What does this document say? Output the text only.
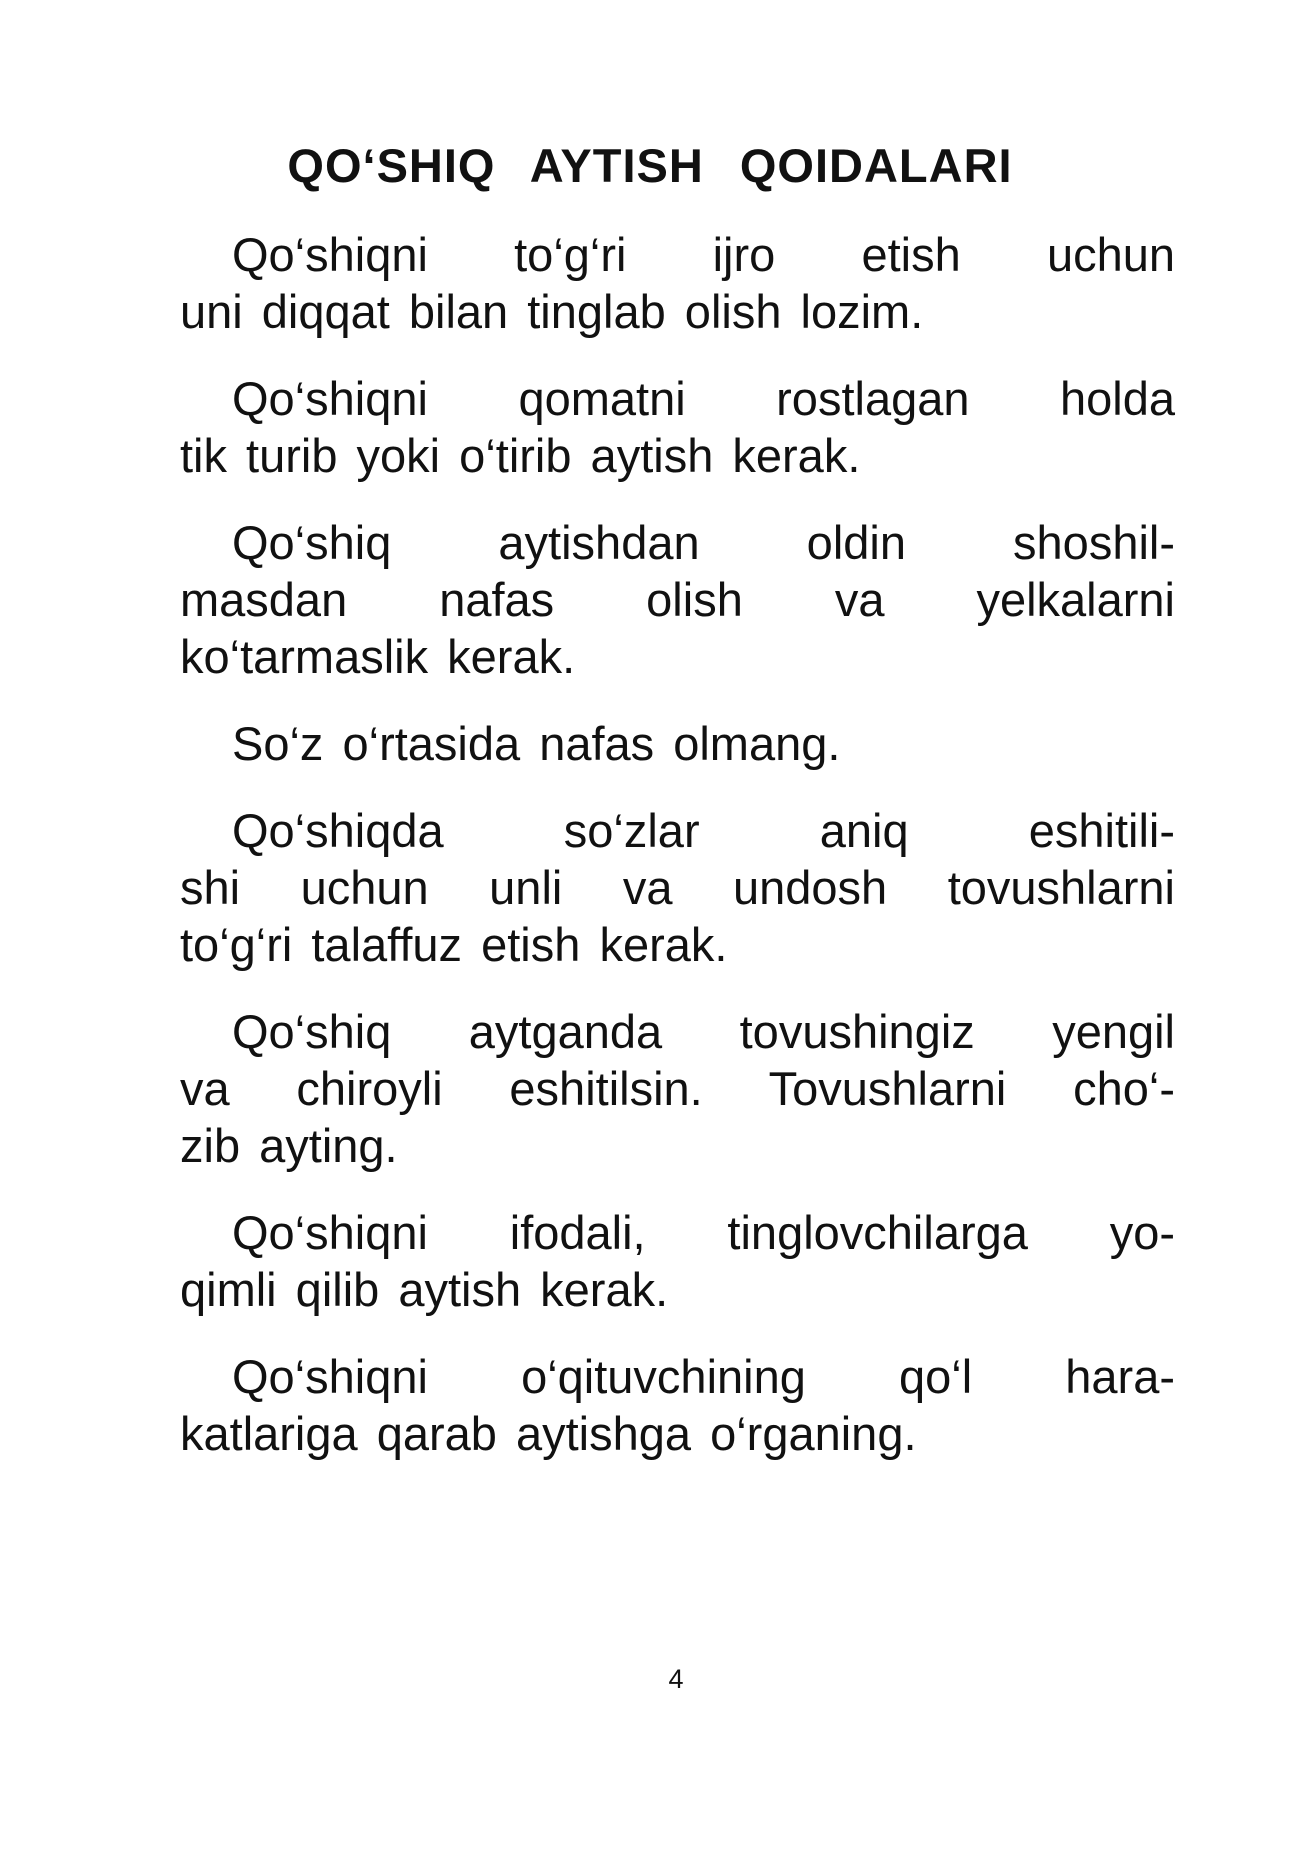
QO‘SHIQ AYTISH QOIDALARI
Qo‘shiqni to‘g‘ri ijro etish uchun
uni diqqat bilan tinglab olish lozim.
Qo‘shiqni qomatni rostlagan holda
tik turib yoki o‘tirib aytish kerak.
Qo‘shiq aytishdan oldin shoshil-
masdan nafas olish va yelkalarni
ko‘tarmaslik kerak.
So‘z o‘rtasida nafas olmang.
Qo‘shiqda so‘zlar aniq eshitili-
shi uchun unli va undosh tovushlarni
to‘g‘ri talaffuz etish kerak.
Qo‘shiq aytganda tovushingiz yengil
va chiroyli eshitilsin. Tovushlarni cho‘-
zib ayting.
Qo‘shiqni ifodali, tinglovchilarga yo-
qimli qilib aytish kerak.
Qo‘shiqni o‘qituvchining qo‘l hara-
katlariga qarab aytishga o‘rganing.
4
